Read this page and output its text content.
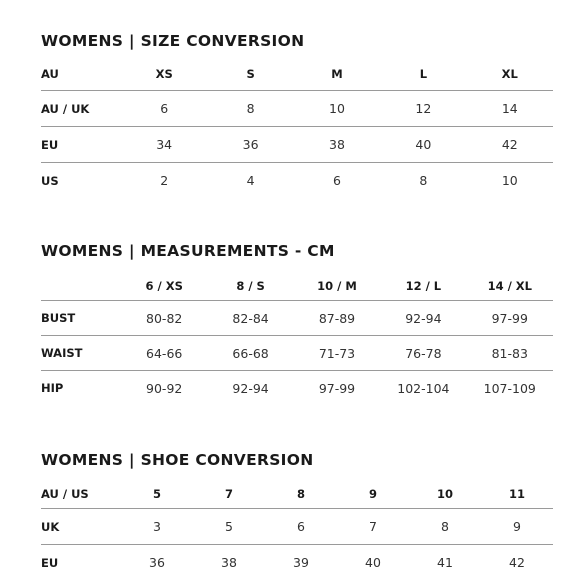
WOMENS | SIZE CONVERSION
AU	XS	S	M	L	XL
AU / UK	6	8	10	12	14
EU	34	36	38	40	42
US	2	4	6	8	10
WOMENS | MEASUREMENTS - CM
	6 / XS	8 / S	10 / M	12 / L	14 / XL
BUST	80-82	82-84	87-89	92-94	97-99
WAIST	64-66	66-68	71-73	76-78	81-83
HIP	90-92	92-94	97-99	102-104	107-109
WOMENS | SHOE CONVERSION
AU / US	5	7	8	9	10	11
UK	3	5	6	7	8	9
EU	36	38	39	40	41	42
